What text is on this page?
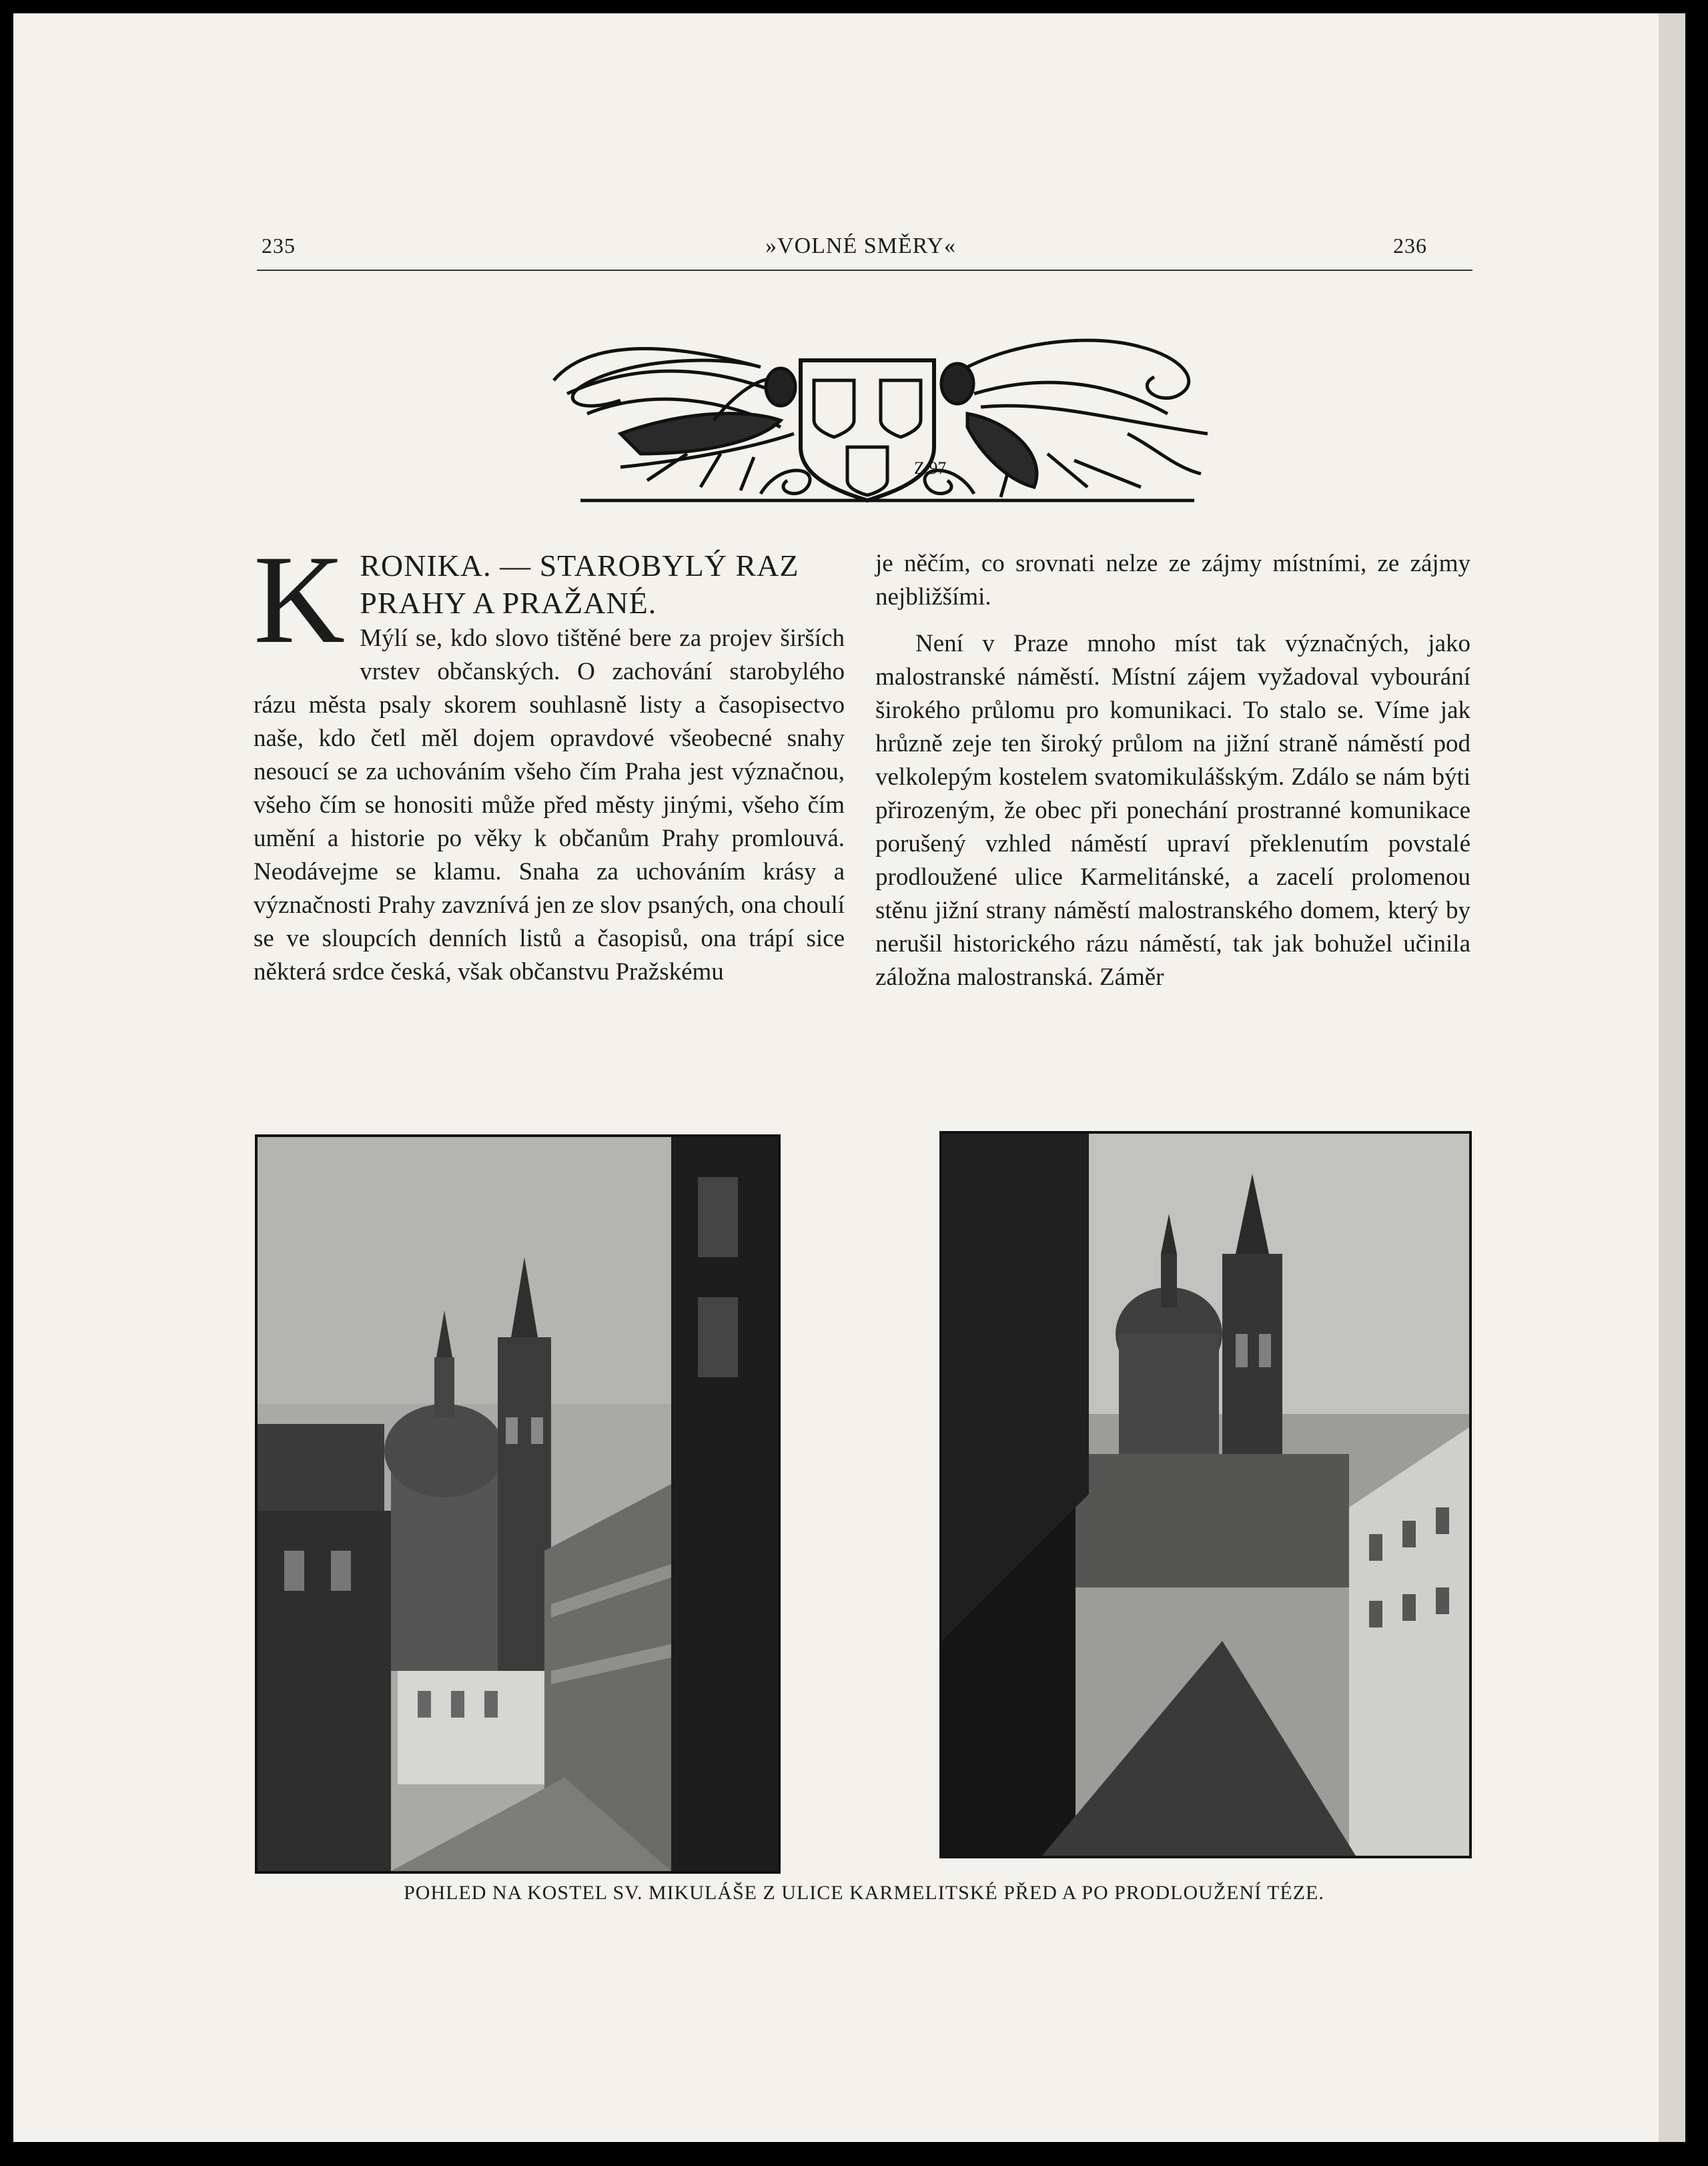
235	»VOLNÉ SMĚRY«	236
Z.97.
K RONIKA. — STAROBYLÝ RAZ PRAHY A PRAŽANÉ.

Mýlí se, kdo slovo tištěné bere za projev širších vrstev občanských. O zachování starobylého rázu města psaly skorem souhlasně listy a časopisectvo naše, kdo četl měl dojem opravdové všeobecné snahy nesoucí se za uchováním všeho čím Praha jest význačnou, všeho čím se honositi může před městy jinými, všeho čím umění a historie po věky k občanům Prahy promlouvá. Neodávejme se klamu. Snaha za uchováním krásy a význačnosti Prahy zavznívá jen ze slov psaných, ona choulí se ve sloupcích denních listů a časopisů, ona trápí sice některá srdce česká, však občanstvu Pražskému

je něčím, co srovnati nelze ze zájmy místními, ze zájmy nejbližšími.

Není v Praze mnoho míst tak význačných, jako malostranské náměstí. Místní zájem vyžadoval vybourání širokého průlomu pro komunikaci. To stalo se. Víme jak hrůzně zeje ten široký průlom na jižní straně náměstí pod velkolepým kostelem svatomikulášským. Zdálo se nám býti přirozeným, že obec při ponechání prostranné komunikace porušený vzhled náměstí upraví překlenutím povstalé prodloužené ulice Karmelitánské, a zacelí prolomenou stěnu jižní strany náměstí malostranského domem, který by nerušil historického rázu náměstí, tak jak bohužel učinila záložna malostranská. Záměr

POHLED NA KOSTEL SV. MIKULÁŠE Z ULICE KARMELITSKÉ PŘED A PO PRODLOUŽENÍ TÉZE.
